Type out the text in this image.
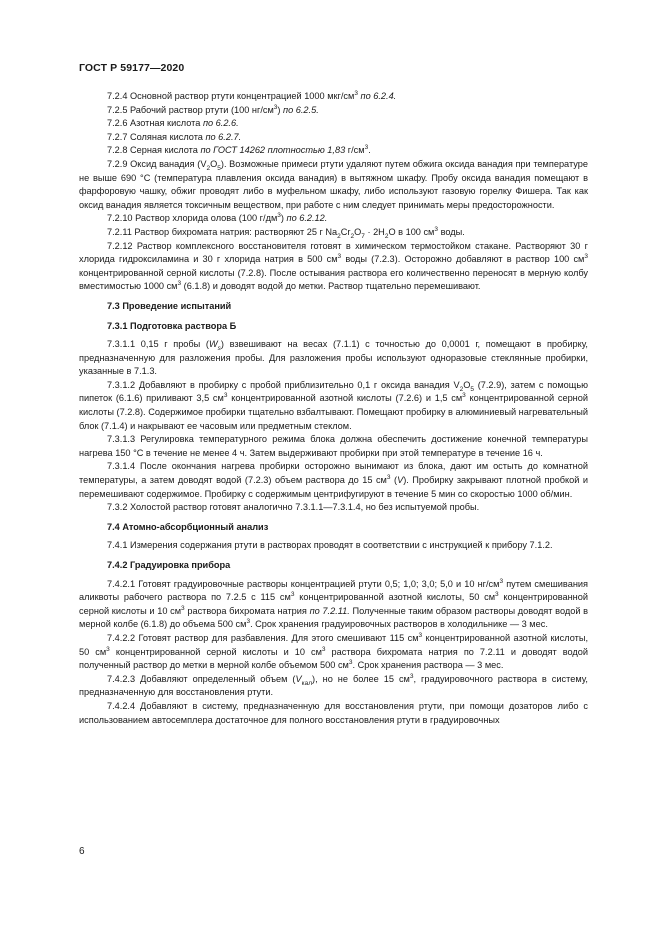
ГОСТ Р 59177—2020

7.2.4 Основной раствор ртути концентрацией 1000 мкг/$см^3$ по 6.2.4.

7.2.5 Рабочий раствор ртути (100 $нг/см^3$) по 6.2.5.

7.2.6 Азотная кислота по 6.2.6.

7.2.7 Соляная кислота по 6.2.7.

7.2.8 Серная кислота по ГОСТ 14262 плотностью 1,83 $г/см^3$.

7.2.9 Оксид ванадия $(V_2O_5)$. Возможные примеси ртути удаляют путем обжига оксида ванадия при температуре не выше 690 °С (температура плавления оксида ванадия) в вытяжном шкафу. Пробу оксида ванадия помещают в фарфоровую чашку, обжиг проводят либо в муфельном шкафу, либо используют газовую горелку Фишера. Так как оксид ванадия является токсичным веществом, при работе с ним следует принимать меры предосторожности.

7.2.10 Раствор хлорида олова (100 $г/дм^3$) по 6.2.12.

7.2.11 Раствор бихромата натрия: растворяют 25 г $Na_2Cr_2O_7 \cdot 2H_2O$ в 100 $см^3$ воды.

7.2.12 Раствор комплексного восстановителя готовят в химическом термостойком стакане. Растворяют 30 г хлорида гидроксиламина и 30 г хлорида натрия в 500 $см^3$ воды (7.2.3). Осторожно добавляют в раствор 100 $см^3$ концентрированной серной кислоты (7.2.8). После остывания раствора его количественно переносят в мерную колбу вместимостью 1000 $см^3$ (6.1.8) и доводят водой до метки. Раствор тщательно перемешивают.

7.3 Проведение испытаний

7.3.1 Подготовка раствора Б

7.3.1.1 0,15 г пробы $(W_s)$ взвешивают на весах (7.1.1) с точностью до 0,0001 г, помещают в пробирку, предназначенную для разложения пробы. Для разложения пробы используют одноразовые стеклянные пробирки, указанные в 7.1.3.

7.3.1.2 Добавляют в пробирку с пробой приблизительно 0,1 г оксида ванадия $V_2O_5$ (7.2.9), затем с помощью пипеток (6.1.6) приливают 3,5 $см^3$ концентрированной азотной кислоты (7.2.6) и 1,5 $см^3$ концентрированной серной кислоты (7.2.8). Содержимое пробирки тщательно взбалтывают. Помещают пробирку в алюминиевый нагревательный блок (7.1.4) и накрывают ее часовым или предметным стеклом.

7.3.1.3 Регулировка температурного режима блока должна обеспечить достижение конечной температуры нагрева 150 °С в течение не менее 4 ч. Затем выдерживают пробирки при этой температуре в течение 16 ч.

7.3.1.4 После окончания нагрева пробирки осторожно вынимают из блока, дают им остыть до комнатной температуры, а затем доводят водой (7.2.3) объем раствора до 15 $см^3$ (V). Пробирку закрывают плотной пробкой и перемешивают содержимое. Пробирку с содержимым центрифугируют в течение 5 мин со скоростью 1000 об/мин.

7.3.2 Холостой раствор готовят аналогично 7.3.1.1—7.3.1.4, но без испытуемой пробы.

7.4 Атомно-абсорбционный анализ

7.4.1 Измерения содержания ртути в растворах проводят в соответствии с инструкцией к прибору 7.1.2.

7.4.2 Градуировка прибора

7.4.2.1 Готовят градуировочные растворы концентрацией ртути 0,5; 1,0; 3,0; 5,0 и 10 $нг/см^3$ путем смешивания аликвоты рабочего раствора по 7.2.5 с 115 $см^3$ концентрированной азотной кислоты, 50 $см^3$ концентрированной серной кислоты и 10 $см^3$ раствора бихромата натрия по 7.2.11. Полученные таким образом растворы доводят водой в мерной колбе (6.1.8) до объема 500 $см^3$. Срок хранения градуировочных растворов в холодильнике — 3 мес.

7.4.2.2 Готовят раствор для разбавления. Для этого смешивают 115 $см^3$ концентрированной азотной кислоты, 50 $см^3$ концентрированной серной кислоты и 10 $см^3$ раствора бихромата натрия по 7.2.11 и доводят водой полученный раствор до метки в мерной колбе объемом 500 $см^3$. Срок хранения раствора — 3 мес.

7.4.2.3 Добавляют определенный объем $(V_{кал})$, но не более 15 $см^3$, градуировочного раствора в систему, предназначенную для восстановления ртути.

7.4.2.4 Добавляют в систему, предназначенную для восстановления ртути, при помощи дозаторов либо с использованием автосемплера достаточное для полного восстановления ртути в градуировочных

6
